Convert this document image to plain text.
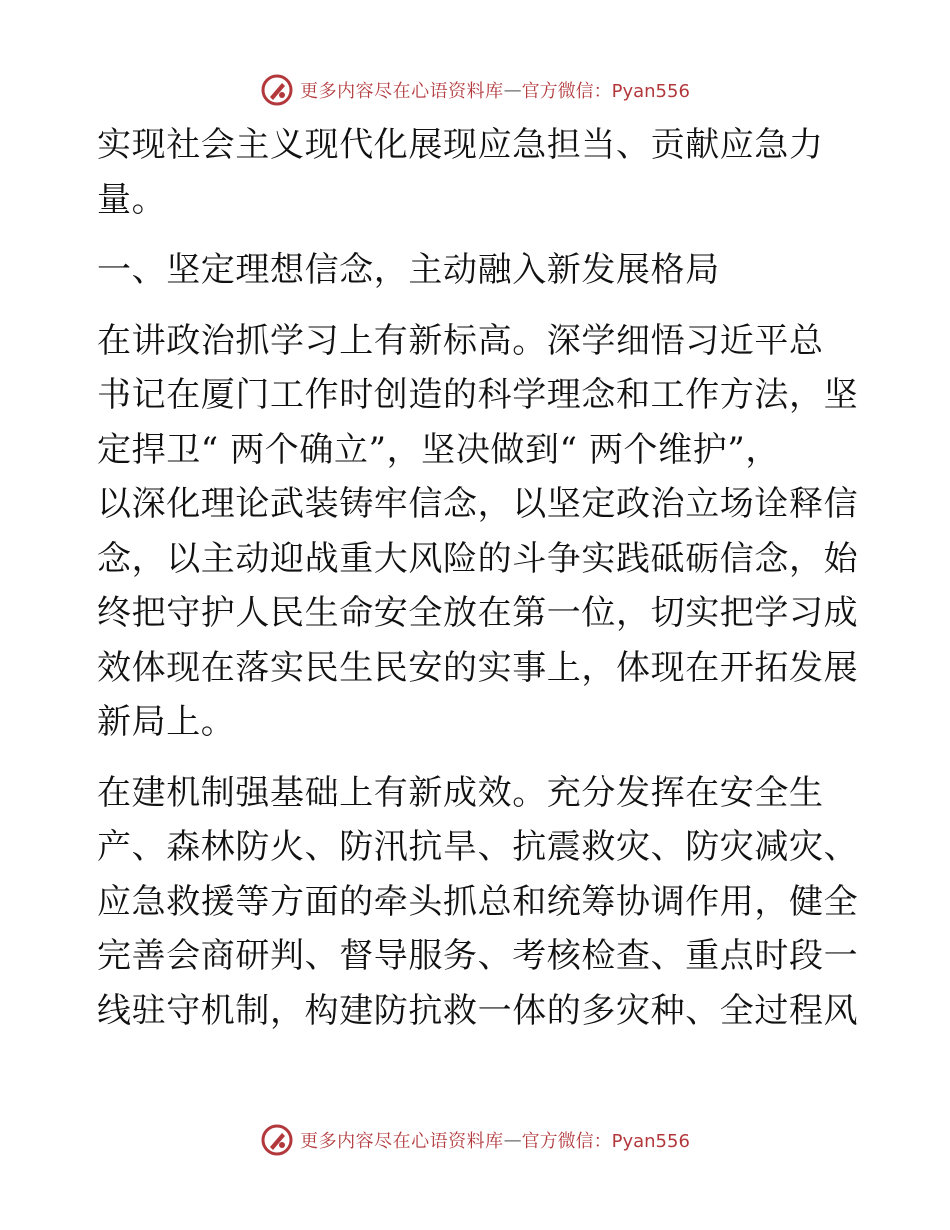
更多内容尽在心语资料库 — 官方微信：Pyan556
实现社会主义现代化展现应急担当、贡献应急力
量。
一、坚定理想信念，主动融入新发展格局
在讲政治抓学习上有新标高。深学细悟习近平总
书记在厦门工作时创造的科学理念和工作方法，坚
定捍卫“ 两个确立”，坚决做到“ 两个维护”，
以深化理论武装铸牢信念，以坚定政治立场诠释信
念，以主动迎战重大风险的斗争实践砥砺信念，始
终把守护人民生命安全放在第一位，切实把学习成
效体现在落实民生民安的实事上，体现在开拓发展
新局上。
在建机制强基础上有新成效。充分发挥在安全生
产、森林防火、防汛抗旱、抗震救灾、防灾减灾、
应急救援等方面的牵头抓总和统筹协调作用，健全
完善会商研判、督导服务、考核检查、重点时段一
线驻守机制，构建防抗救一体的多灾种、全过程风
更多内容尽在心语资料库 — 官方微信：Pyan556
